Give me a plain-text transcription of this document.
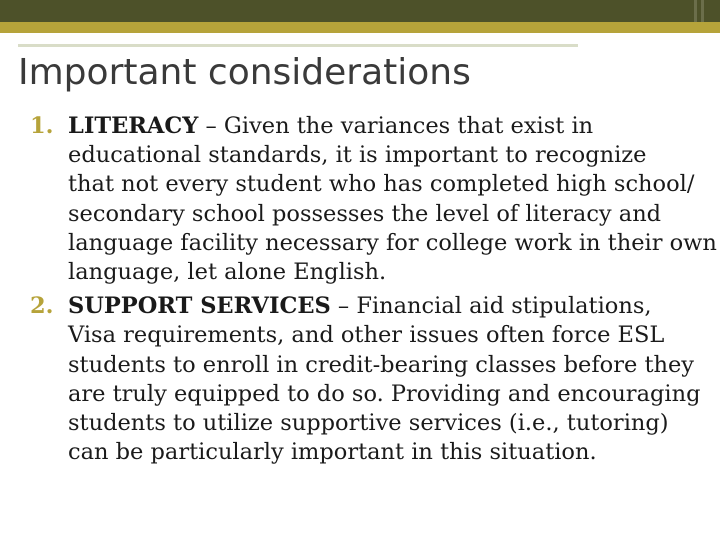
Important considerations
1. LITERACY – Given the variances that exist in
educational standards, it is important to recognize
that not every student who has completed high school/
secondary school possesses the level of literacy and
language facility necessary for college work in their own
language, let alone English.
2. SUPPORT SERVICES – Financial aid stipulations,
Visa requirements, and other issues often force ESL
students to enroll in credit-bearing classes before they
are truly equipped to do so. Providing and encouraging
students to utilize supportive services (i.e., tutoring)
can be particularly important in this situation.
